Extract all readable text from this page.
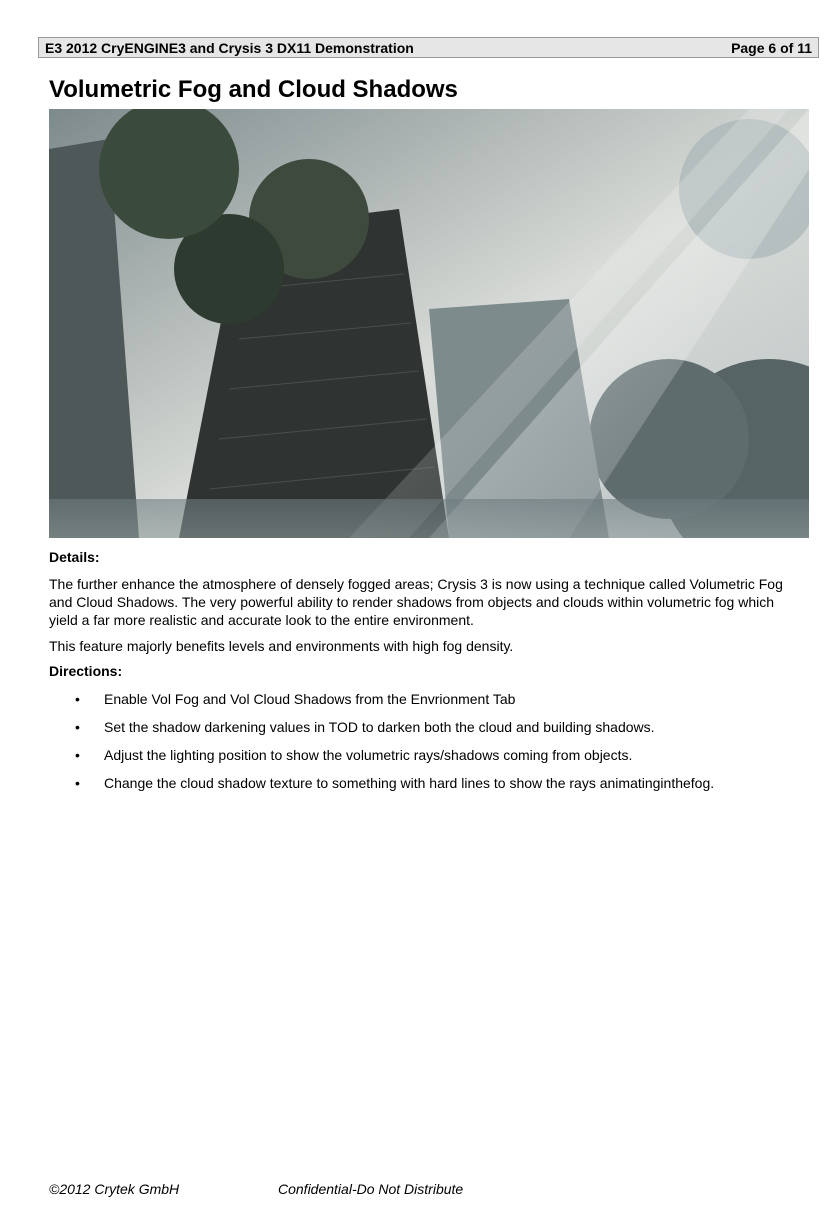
E3 2012 CryENGINE3 and Crysis 3 DX11 Demonstration	Page 6 of 11
Volumetric Fog and Cloud Shadows
Details:

The further enhance the atmosphere of densely fogged areas; Crysis 3 is now using a technique called Volumetric Fog and Cloud Shadows. The very powerful ability to render shadows from objects and clouds within volumetric fog which yield a far more realistic and accurate look to the entire environment.

This feature majorly benefits levels and environments with high fog density.

Directions:
• Enable Vol Fog and Vol Cloud Shadows from the Envrionment Tab
• Set the shadow darkening values in TOD to darken both the cloud and building shadows.
• Adjust the lighting position to show the volumetric rays/shadows coming from objects.
• Change the cloud shadow texture to something with hard lines to show the rays animatinginthefog.
©2012 Crytek GmbH	Confidential-Do Not Distribute
